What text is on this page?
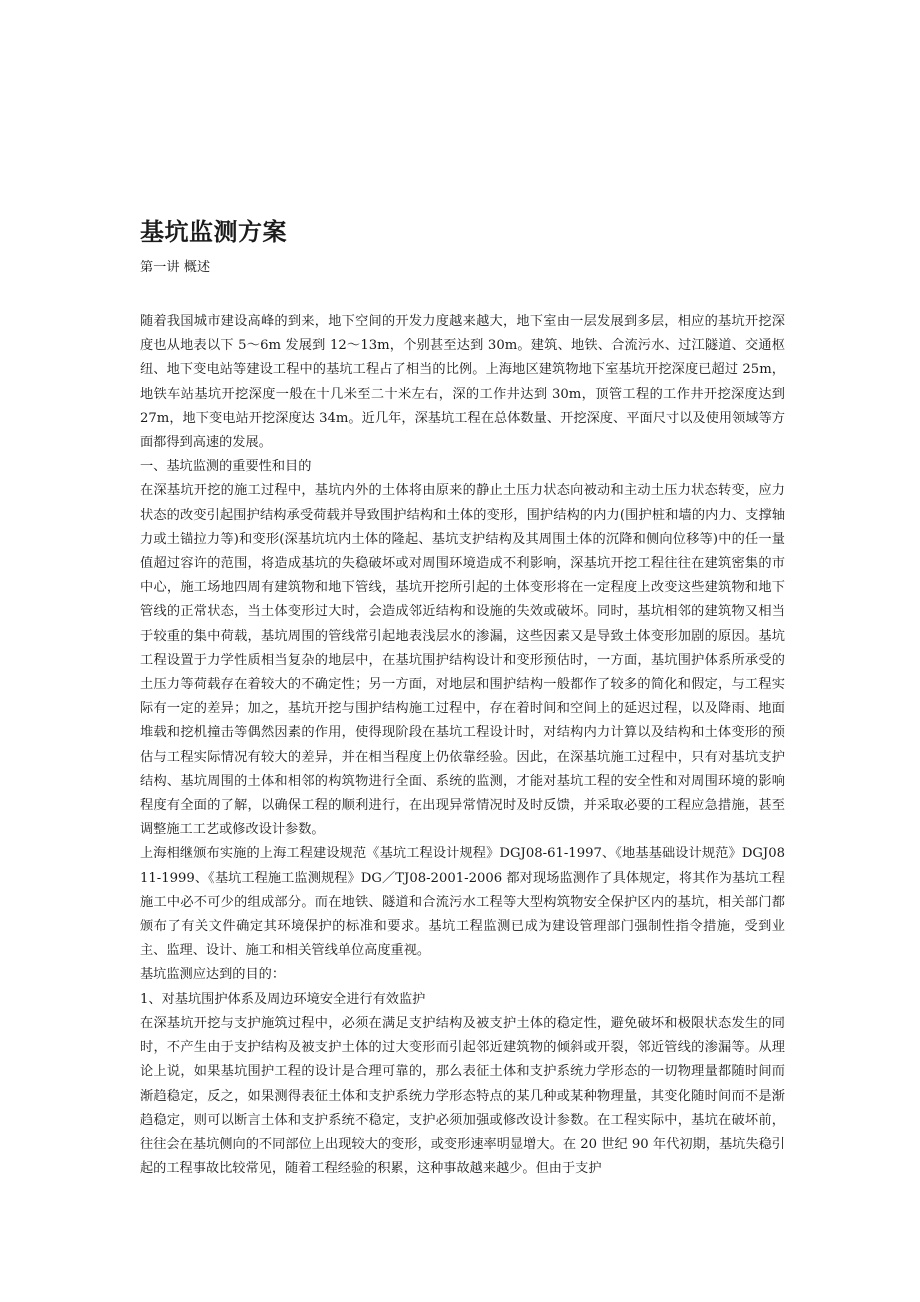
基坑监测方案
第一讲 概述

随着我国城市建设高峰的到来，地下空间的开发力度越来越大，地下室由一层发展到多层，相应的基坑开挖深度也从地表以下 5～6m 发展到 12～13m，个别甚至达到 30m。建筑、地铁、合流污水、过江隧道、交通枢纽、地下变电站等建设工程中的基坑工程占了相当的比例。上海地区建筑物地下室基坑开挖深度已超过 25m，地铁车站基坑开挖深度一般在十几米至二十米左右，深的工作井达到 30m，顶管工程的工作井开挖深度达到 27m，地下变电站开挖深度达 34m。近几年，深基坑工程在总体数量、开挖深度、平面尺寸以及使用领域等方面都得到高速的发展。

一、基坑监测的重要性和目的

在深基坑开挖的施工过程中，基坑内外的土体将由原来的静止土压力状态向被动和主动土压力状态转变，应力状态的改变引起围护结构承受荷载并导致围护结构和土体的变形，围护结构的内力(围护桩和墙的内力、支撑轴力或土锚拉力等)和变形(深基坑坑内土体的隆起、基坑支护结构及其周围土体的沉降和侧向位移等)中的任一量值超过容许的范围，将造成基坑的失稳破坏或对周围环境造成不利影响，深基坑开挖工程往往在建筑密集的市中心，施工场地四周有建筑物和地下管线，基坑开挖所引起的土体变形将在一定程度上改变这些建筑物和地下管线的正常状态，当土体变形过大时，会造成邻近结构和设施的失效或破坏。同时，基坑相邻的建筑物又相当于较重的集中荷载，基坑周围的管线常引起地表浅层水的渗漏，这些因素又是导致土体变形加剧的原因。基坑工程设置于力学性质相当复杂的地层中，在基坑围护结构设计和变形预估时，一方面，基坑围护体系所承受的土压力等荷载存在着较大的不确定性；另一方面，对地层和围护结构一般都作了较多的简化和假定，与工程实际有一定的差异；加之，基坑开挖与围护结构施工过程中，存在着时间和空间上的延迟过程，以及降雨、地面堆载和挖机撞击等偶然因素的作用，使得现阶段在基坑工程设计时，对结构内力计算以及结构和土体变形的预估与工程实际情况有较大的差异，并在相当程度上仍依靠经验。因此，在深基坑施工过程中，只有对基坑支护结构、基坑周围的土体和相邻的构筑物进行全面、系统的监测，才能对基坑工程的安全性和对周围环境的影响程度有全面的了解，以确保工程的顺利进行，在出现异常情况时及时反馈，并采取必要的工程应急措施，甚至调整施工工艺或修改设计参数。

上海相继颁布实施的上海工程建设规范《基坑工程设计规程》DGJ08-61-1997、《地基基础设计规范》DGJ08 11-1999、《基坑工程施工监测规程》DG／TJ08-2001-2006 都对现场监测作了具体规定，将其作为基坑工程施工中必不可少的组成部分。而在地铁、隧道和合流污水工程等大型构筑物安全保护区内的基坑，相关部门都颁布了有关文件确定其环境保护的标准和要求。基坑工程监测已成为建设管理部门强制性指令措施，受到业主、监理、设计、施工和相关管线单位高度重视。

基坑监测应达到的目的：

1、对基坑围护体系及周边环境安全进行有效监护

在深基坑开挖与支护施筑过程中，必须在满足支护结构及被支护土体的稳定性，避免破坏和极限状态发生的同时，不产生由于支护结构及被支护土体的过大变形而引起邻近建筑物的倾斜或开裂，邻近管线的渗漏等。从理论上说，如果基坑围护工程的设计是合理可靠的，那么表征土体和支护系统力学形态的一切物理量都随时间而渐趋稳定，反之，如果测得表征土体和支护系统力学形态特点的某几种或某种物理量，其变化随时间而不是渐趋稳定，则可以断言土体和支护系统不稳定，支护必须加强或修改设计参数。在工程实际中，基坑在破坏前，往往会在基坑侧向的不同部位上出现较大的变形，或变形速率明显增大。在 20 世纪 90 年代初期，基坑失稳引起的工程事故比较常见，随着工程经验的积累，这种事故越来越少。但由于支护
